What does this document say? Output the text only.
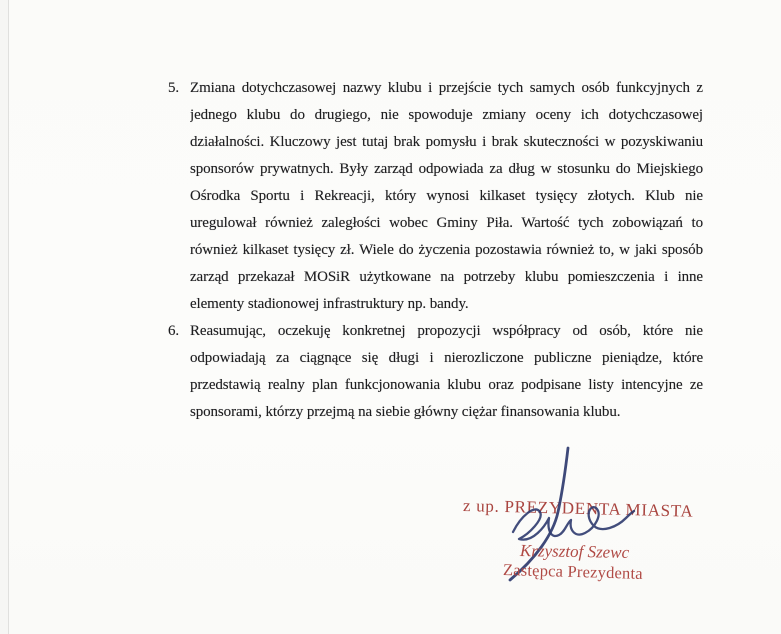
5. Zmiana dotychczasowej nazwy klubu i przejście tych samych osób funkcyjnych z
jednego klubu do drugiego, nie spowoduje zmiany oceny ich dotychczasowej
działalności. Kluczowy jest tutaj brak pomysłu i brak skuteczności w pozyskiwaniu
sponsorów prywatnych. Były zarząd odpowiada za dług w stosunku do Miejskiego
Ośrodka Sportu i Rekreacji, który wynosi kilkaset tysięcy złotych. Klub nie
uregulował również zaległości wobec Gminy Piła. Wartość tych zobowiązań to
również kilkaset tysięcy zł. Wiele do życzenia pozostawia również to, w jaki sposób
zarząd przekazał MOSiR użytkowane na potrzeby klubu pomieszczenia i inne
elementy stadionowej infrastruktury np. bandy.
6. Reasumując, oczekuję konkretnej propozycji współpracy od osób, które nie
odpowiadają za ciągnące się długi i nierozliczone publiczne pieniądze, które
przedstawią realny plan funkcjonowania klubu oraz podpisane listy intencyjne ze
sponsorami, którzy przejmą na siebie główny ciężar finansowania klubu.
z up. PREZYDENTA MIASTA
Krzysztof Szewc
Zastępca Prezydenta
